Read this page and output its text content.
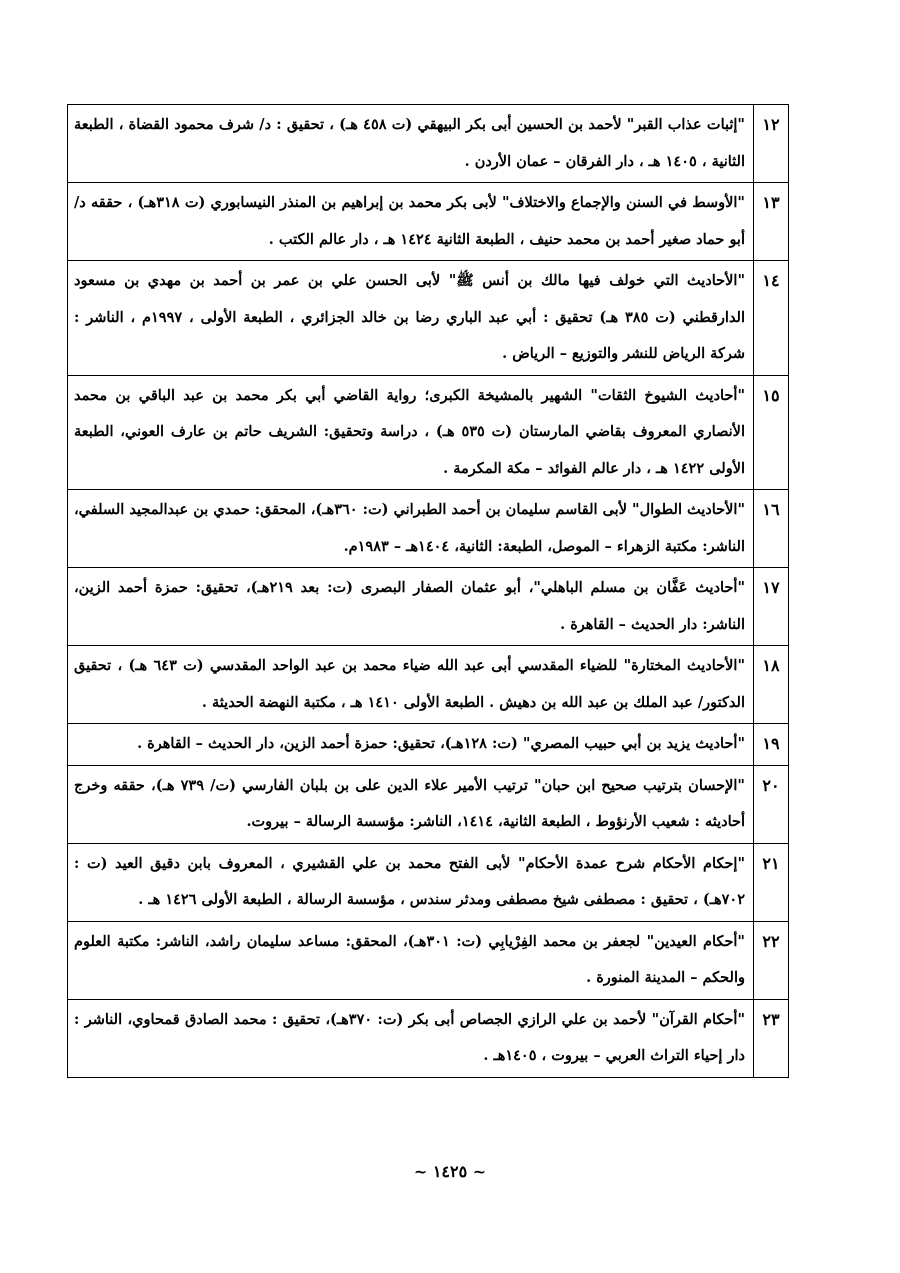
١٢	"إثبات عذاب القبر" لأحمد بن الحسين أبى بكر البيهقي (ت ٤٥٨ هـ) ، تحقيق : د/ شرف محمود القضاة ، الطبعة الثانية ، ١٤٠٥ هـ ، دار الفرقان – عمان الأردن .
١٣	"الأوسط في السنن والإجماع والاختلاف" لأبى بكر محمد بن إبراهيم بن المنذر النيسابوري (ت ٣١٨هـ) ، حققه د/ أبو حماد صغير أحمد بن محمد حنيف ، الطبعة الثانية ١٤٢٤ هـ ، دار عالم الكتب .
١٤	"الأحاديث التي خولف فيها مالك بن أنس ﷺ" لأبى الحسن علي بن عمر بن أحمد بن مهدي بن مسعود الدارقطني (ت ٣٨٥ هـ) تحقيق : أبي عبد الباري رضا بن خالد الجزائري ، الطبعة الأولى ، ١٩٩٧م ، الناشر : شركة الرياض للنشر والتوزيع – الرياض .
١٥	"أحاديث الشيوخ الثقات" الشهير بالمشيخة الكبرى؛ رواية القاضي أبي بكر محمد بن عبد الباقي بن محمد الأنصاري المعروف بقاضي المارستان (ت ٥٣٥ هـ) ، دراسة وتحقيق: الشريف حاتم بن عارف العوني، الطبعة الأولى ١٤٢٢ هـ ، دار عالم الفوائد – مكة المكرمة .
١٦	"الأحاديث الطوال" لأبى القاسم سليمان بن أحمد الطبراني (ت: ٣٦٠هـ)، المحقق: حمدي بن عبدالمجيد السلفي، الناشر: مكتبة الزهراء – الموصل، الطبعة: الثانية، ١٤٠٤هـ – ١٩٨٣م.
١٧	"أحاديث عَفَّان بن مسلم الباهلي"، أبو عثمان الصفار البصرى (ت: بعد ٢١٩هـ)، تحقيق: حمزة أحمد الزين، الناشر: دار الحديث – القاهرة .
١٨	"الأحاديث المختارة" للضياء المقدسي أبى عبد الله ضياء محمد بن عبد الواحد المقدسي (ت ٦٤٣ هـ) ، تحقيق الدكتور/ عبد الملك بن عبد الله بن دهيش . الطبعة الأولى ١٤١٠ هـ ، مكتبة النهضة الحديثة .
١٩	"أحاديث يزيد بن أبي حبيب المصري" (ت: ١٢٨هـ)، تحقيق: حمزة أحمد الزين، دار الحديث – القاهرة .
٢٠	"الإحسان بترتيب صحيح ابن حبان" ترتيب الأمير علاء الدين على بن بلبان الفارسي (ت/ ٧٣٩ هـ)، حققه وخرج أحاديثه : شعيب الأرنؤوط ، الطبعة الثانية، ١٤١٤، الناشر: مؤسسة الرسالة – بيروت.
٢١	"إحكام الأحكام شرح عمدة الأحكام" لأبى الفتح محمد بن علي القشيري ، المعروف بابن دقيق العيد (ت : ٧٠٢هـ) ، تحقيق : مصطفى شيخ مصطفى ومدثر سندس ، مؤسسة الرسالة ، الطبعة الأولى ١٤٢٦ هـ .
٢٢	"أحكام العيدين" لجعفر بن محمد الفِرْيابِي (ت: ٣٠١هـ)، المحقق: مساعد سليمان راشد، الناشر: مكتبة العلوم والحكم – المدينة المنورة .
٢٣	"أحكام القرآن" لأحمد بن علي الرازي الجصاص أبى بكر (ت: ٣٧٠هـ)، تحقيق : محمد الصادق قمحاوي، الناشر : دار إحياء التراث العربي – بيروت ، ١٤٠٥هـ .
~ ١٤٢٥ ~
